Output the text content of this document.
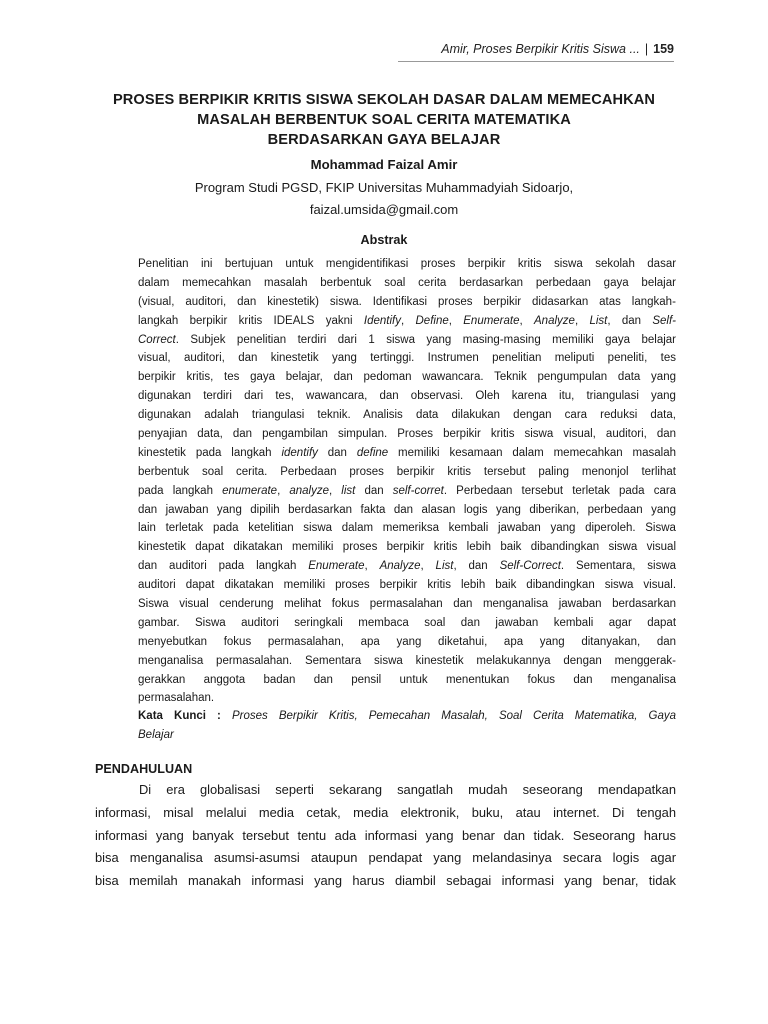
Amir, Proses Berpikir Kritis Siswa ... | 159
PROSES BERPIKIR KRITIS SISWA SEKOLAH DASAR DALAM MEMECAHKAN
MASALAH BERBENTUK SOAL CERITA MATEMATIKA
BERDASARKAN GAYA BELAJAR
Mohammad Faizal Amir
Program Studi PGSD, FKIP Universitas Muhammadyiah Sidoarjo,
faizal.umsida@gmail.com
Abstrak
Penelitian ini bertujuan untuk mengidentifikasi proses berpikir kritis siswa sekolah dasar
dalam memecahkan masalah berbentuk soal cerita berdasarkan perbedaan gaya belajar
(visual, auditori, dan kinestetik) siswa. Identifikasi proses berpikir didasarkan atas langkah-
langkah berpikir kritis IDEALS yakni Identify, Define, Enumerate, Analyze, List, dan Self-
Correct. Subjek penelitian terdiri dari 1 siswa yang masing-masing memiliki gaya belajar
visual, auditori, dan kinestetik yang tertinggi. Instrumen penelitian meliputi peneliti, tes
berpikir kritis, tes gaya belajar, dan pedoman wawancara. Teknik pengumpulan data yang
digunakan terdiri dari tes, wawancara, dan observasi. Oleh karena itu, triangulasi yang
digunakan adalah triangulasi teknik. Analisis data dilakukan dengan cara reduksi data,
penyajian data, dan pengambilan simpulan. Proses berpikir kritis siswa visual, auditori, dan
kinestetik pada langkah identify dan define memiliki kesamaan dalam memecahkan masalah
berbentuk soal cerita. Perbedaan proses berpikir kritis tersebut paling menonjol terlihat
pada langkah enumerate, analyze, list dan self-corret. Perbedaan tersebut terletak pada cara
dan jawaban yang dipilih berdasarkan fakta dan alasan logis yang diberikan, perbedaan yang
lain terletak pada ketelitian siswa dalam memeriksa kembali jawaban yang diperoleh. Siswa
kinestetik dapat dikatakan memiliki proses berpikir kritis lebih baik dibandingkan siswa visual
dan auditori pada langkah Enumerate, Analyze, List, dan Self-Correct. Sementara, siswa
auditori dapat dikatakan memiliki proses berpikir kritis lebih baik dibandingkan siswa visual.
Siswa visual cenderung melihat fokus permasalahan dan menganalisa jawaban berdasarkan
gambar. Siswa auditori seringkali membaca soal dan jawaban kembali agar dapat
menyebutkan fokus permasalahan, apa yang diketahui, apa yang ditanyakan, dan
menganalisa permasalahan. Sementara siswa kinestetik melakukannya dengan menggerak-
gerakkan anggota badan dan pensil untuk menentukan fokus dan menganalisa
permasalahan.
Kata Kunci : Proses Berpikir Kritis, Pemecahan Masalah, Soal Cerita Matematika, Gaya
Belajar
PENDAHULUAN
Di era globalisasi seperti sekarang sangatlah mudah seseorang mendapatkan
informasi, misal melalui media cetak, media elektronik, buku, atau internet. Di tengah
informasi yang banyak tersebut tentu ada informasi yang benar dan tidak. Seseorang harus
bisa menganalisa asumsi-asumsi ataupun pendapat yang melandasinya secara logis agar
bisa memilah manakah informasi yang harus diambil sebagai informasi yang benar, tidak
